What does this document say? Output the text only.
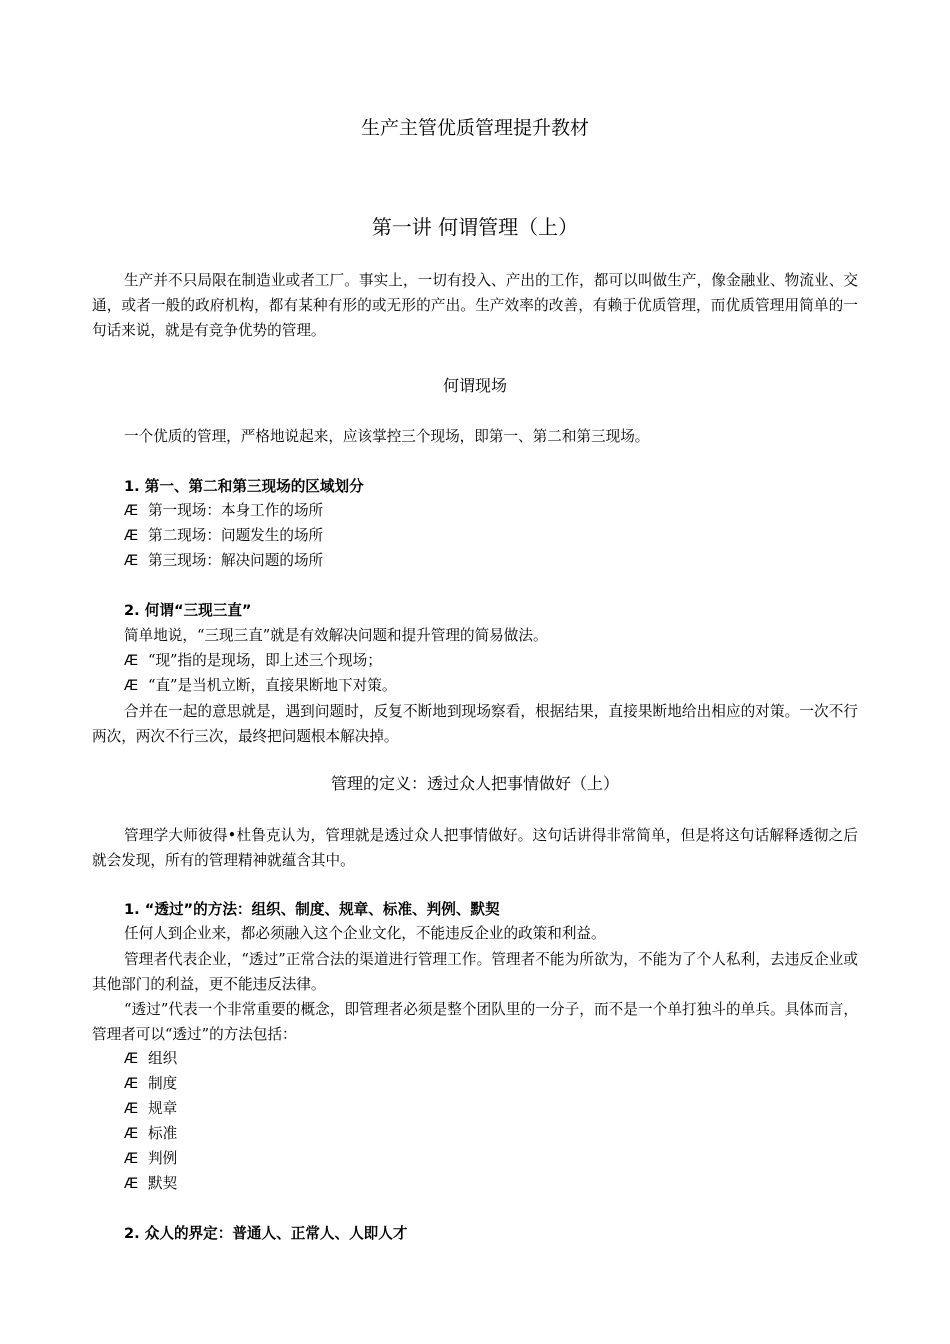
生产主管优质管理提升教材
第一讲 何谓管理（上）

生产并不只局限在制造业或者工厂。事实上，一切有投入、产出的工作，都可以叫做生产，像金融业、物流业、交通，或者一般的政府机构，都有某种有形的或无形的产出。生产效率的改善，有赖于优质管理，而优质管理用简单的一句话来说，就是有竞争优势的管理。

何谓现场

一个优质的管理，严格地说起来，应该掌控三个现场，即第一、第二和第三现场。

1. 第一、第二和第三现场的区域划分
Æ 第一现场：本身工作的场所
Æ 第二现场：问题发生的场所
Æ 第三现场：解决问题的场所
2. 何谓“三现三直”

简单地说，“三现三直”就是有效解决问题和提升管理的简易做法。

Æ “现”指的是现场，即上述三个现场；
Æ “直”是当机立断，直接果断地下对策。

合并在一起的意思就是，遇到问题时，反复不断地到现场察看，根据结果，直接果断地给出相应的对策。一次不行两次，两次不行三次，最终把问题根本解决掉。

管理的定义：透过众人把事情做好（上）

管理学大师彼得•杜鲁克认为，管理就是透过众人把事情做好。这句话讲得非常简单，但是将这句话解释透彻之后就会发现，所有的管理精神就蕴含其中。

1. “透过”的方法：组织、制度、规章、标准、判例、默契

任何人到企业来，都必须融入这个企业文化，不能违反企业的政策和利益。

管理者代表企业，“透过”正常合法的渠道进行管理工作。管理者不能为所欲为，不能为了个人私利，去违反企业或其他部门的利益，更不能违反法律。

“透过”代表一个非常重要的概念，即管理者必须是整个团队里的一分子，而不是一个单打独斗的单兵。具体而言，管理者可以“透过”的方法包括：

Æ 组织
Æ 制度
Æ 规章
Æ 标准
Æ 判例
Æ 默契
2. 众人的界定：普通人、正常人、人即人才
